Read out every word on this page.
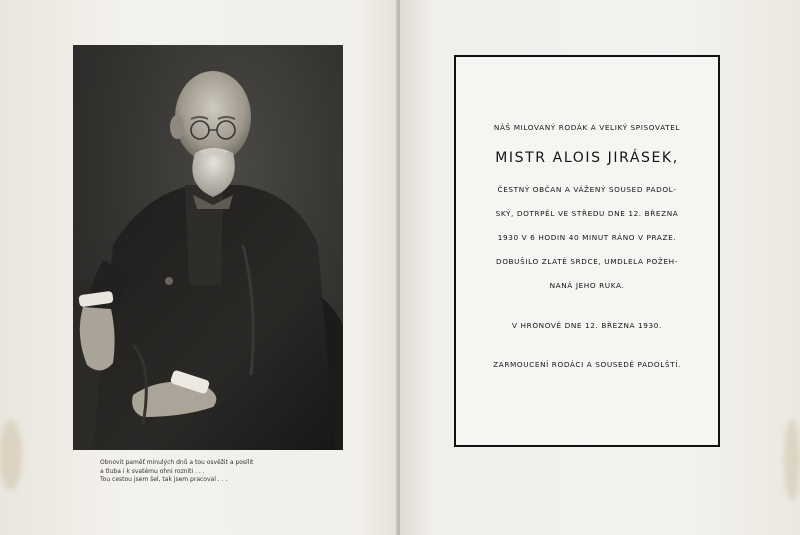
Obnovit paměť minulých dnů a tou osvěžit a posílit
a tluba i k svatému ohni rozníti . . .
Tou cestou jsem šel, tak jsem pracoval . . .
NÁŠ MILOVANÝ RODÁK A VELIKÝ SPISOVATEL
MISTR ALOIS JIRÁSEK,
ČESTNÝ OBČAN A VÁŽENÝ SOUSED PADOL-
SKÝ, DOTRPĚL VE STŘEDU DNE 12. BŘEZNA
1930 V 6 HODIN 40 MINUT RÁNO V PRAZE.
DOBUŠILO ZLATÉ SRDCE, UMDLELA POŽEH-
NANÁ JEHO RUKA.
V HRONOVĚ DNE 12. BŘEZNA 1930.
ZARMOUCENÍ RODÁCI A SOUSEDÉ PADOLŠTÍ.
